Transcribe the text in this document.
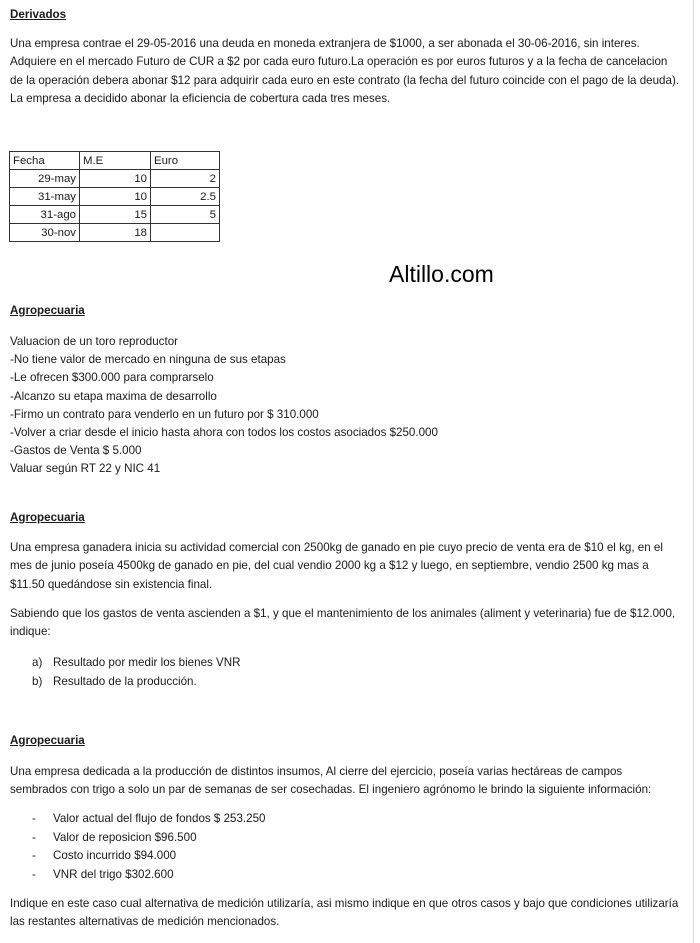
Derivados

Una empresa contrae el 29-05-2016 una deuda en moneda extranjera de $1000, a ser abonada el 30-06-2016, sin interes. Adquiere en el mercado Futuro de CUR a $2 por cada euro futuro.La operación es por euros futuros y a la fecha de cancelacion de la operación debera abonar $12 para adquirir cada euro en este contrato (la fecha del futuro coincide con el pago de la deuda). La empresa a decidido abonar la eficiencia de cobertura cada tres meses.

Fecha	M.E	Euro
29-may	10	2
31-may	10	2.5
31-ago	15	5
30-nov	18	
Altillo.com
Agropecuaria
Valuacion de un toro reproductor
-No tiene valor de mercado en ninguna de sus etapas
-Le ofrecen $300.000 para comprarselo
-Alcanzo su etapa maxima de desarrollo
-Firmo un contrato para venderlo en un futuro por $ 310.000
-Volver a criar desde el inicio hasta ahora con todos los costos asociados $250.000
-Gastos de Venta $ 5.000
Valuar según RT 22 y NIC 41
Agropecuaria

Una empresa ganadera inicia su actividad comercial con 2500kg de ganado en pie cuyo precio de venta era de $10 el kg, en el mes de junio poseía 4500kg de ganado en pie, del cual vendio 2000 kg a $12 y luego, en septiembre, vendio 2500 kg mas a $11.50 quedándose sin existencia final.

Sabiendo que los gastos de venta ascienden a $1, y que el mantenimiento de los animales (aliment y veterinaria) fue de $12.000, indique:

a) Resultado por medir los bienes VNR
b) Resultado de la producción.
Agropecuaria

Una empresa dedicada a la producción de distintos insumos, Al cierre del ejercicio, poseía varias hectáreas de campos sembrados con trigo a solo un par de semanas de ser cosechadas. El ingeniero agrónomo le brindo la siguiente información:

- Valor actual del flujo de fondos $ 253.250
- Valor de reposicion $96.500
- Costo incurrido $94.000
- VNR del trigo $302.600

Indique en este caso cual alternativa de medición utilizaría, asi mismo indique en que otros casos y bajo que condiciones utilizaría las restantes alternativas de medición mencionados.
